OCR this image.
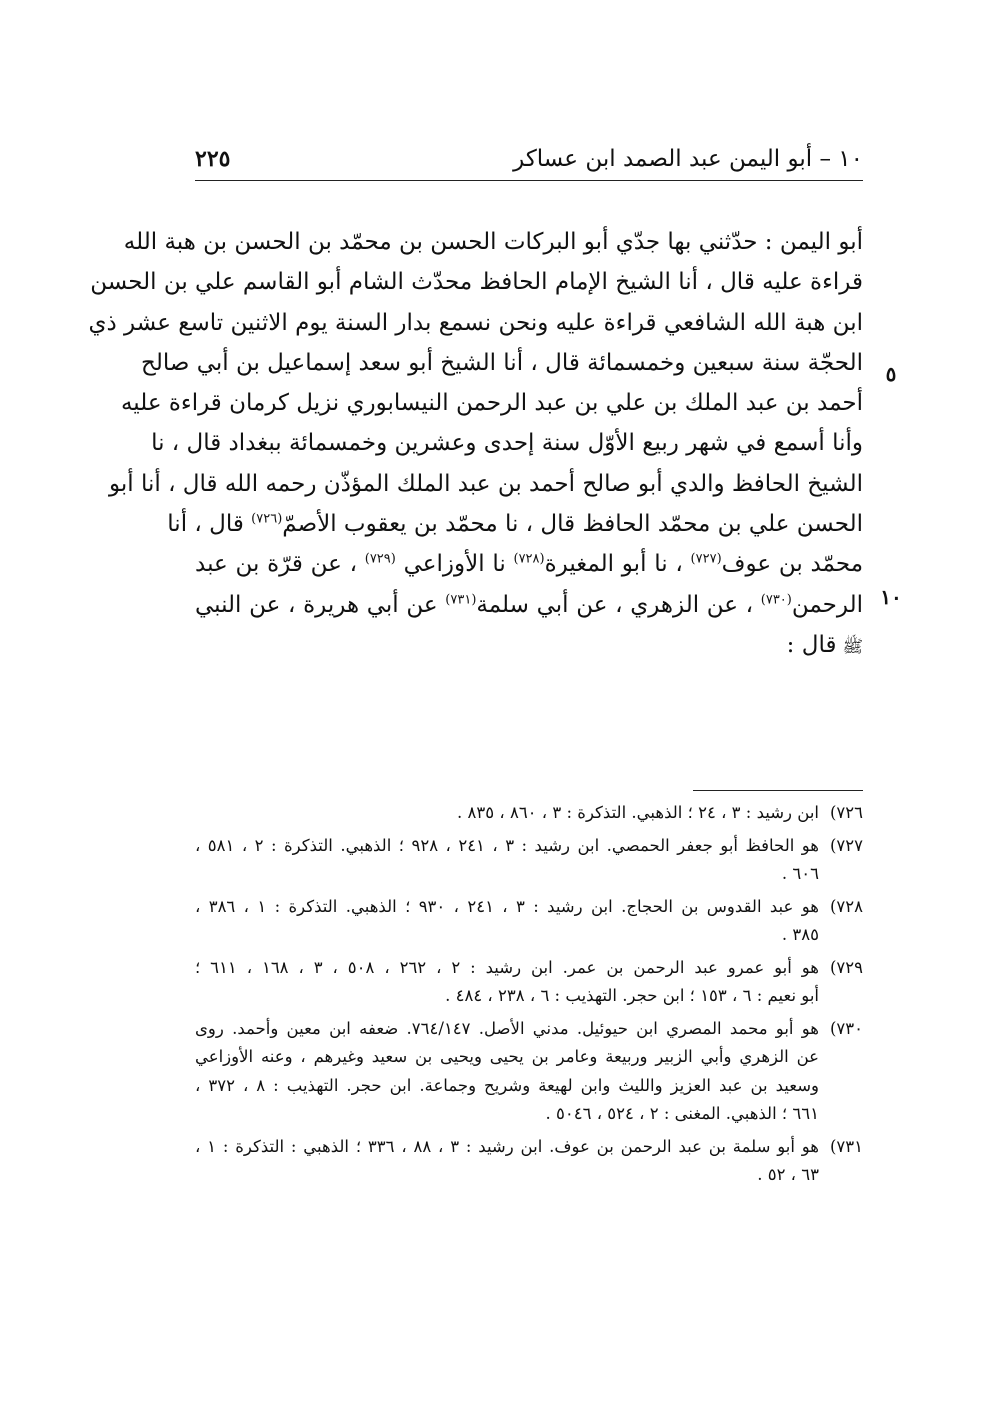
١٠ – أبو اليمن عبد الصمد ابن عساكر
٢٢٥
٥
١٠
أبو اليمن : حدّثني بها جدّي أبو البركات الحسن بن محمّد بن الحسن بن هبة الله
قراءة عليه قال ، أنا الشيخ الإمام الحافظ محدّث الشام أبو القاسم علي بن الحسن
ابن هبة الله الشافعي قراءة عليه ونحن نسمع بدار السنة يوم الاثنين تاسع عشر ذي
الحجّة سنة سبعين وخمسمائة قال ، أنا الشيخ أبو سعد إسماعيل بن أبي صالح
أحمد بن عبد الملك بن علي بن عبد الرحمن النيسابوري نزيل كرمان قراءة عليه
وأنا أسمع في شهر ربيع الأوّل سنة إحدى وعشرين وخمسمائة ببغداد قال ، نا
الشيخ الحافظ والدي أبو صالح أحمد بن عبد الملك المؤذّن رحمه الله قال ، أنا أبو
الحسن علي بن محمّد الحافظ قال ، نا محمّد بن يعقوب الأصمّ$^{(٧٢٦)}$ قال ، أنا
محمّد بن عوف$^{(٧٢٧)}$ ، نا أبو المغيرة$^{(٧٢٨)}$ نا الأوزاعي $^{(٧٢٩)}$ ، عن قرّة بن عبد
الرحمن$^{(٧٣٠)}$ ، عن الزهري ، عن أبي سلمة$^{(٧٣١)}$ عن أبي هريرة ، عن النبي
ﷺقال :
٧٢٦)
ابن رشيد : ٣ ، ٢٤ ؛ الذهبي. التذكرة : ٣ ، ٨٦٠ ، ٨٣٥ .
٧٢٧)
هو الحافظ أبو جعفر الحمصي. ابن رشيد : ٣ ، ٢٤١ ، ٩٢٨ ؛ الذهبي. التذكرة : ٢ ، ٥٨١ ،
٦٠٦ .
٧٢٨)
هو عبد القدوس بن الحجاج. ابن رشيد : ٣ ، ٢٤١ ، ٩٣٠ ؛ الذهبي. التذكرة : ١ ، ٣٨٦ ،
٣٨٥ .
٧٢٩)
هو أبو عمرو عبد الرحمن بن عمر. ابن رشيد : ٢ ، ٢٦٢ ، ٥٠٨ ، ٣ ، ١٦٨ ، ٦١١ ؛
أبو نعيم : ٦ ، ١٥٣ ؛ ابن حجر. التهذيب : ٦ ، ٢٣٨ ، ٤٨٤ .
٧٣٠)
هو أبو محمد المصري ابن حيوئيل. مدني الأصل. ٧٦٤/١٤٧. ضعفه ابن معين وأحمد. روى
عن الزهري وأبي الزبير وربيعة وعامر بن يحيى ويحيى بن سعيد وغيرهم ، وعنه الأوزاعي
وسعيد بن عبد العزيز والليث وابن لهيعة وشريح وجماعة. ابن حجر. التهذيب : ٨ ، ٣٧٢ ،
٦٦١ ؛ الذهبي. المغنى : ٢ ، ٥٢٤ ، ٥٠٤٦ .
٧٣١)
هو أبو سلمة بن عبد الرحمن بن عوف. ابن رشيد : ٣ ، ٨٨ ، ٣٣٦ ؛ الذهبي : التذكرة : ١ ،
٦٣ ، ٥٢ .
